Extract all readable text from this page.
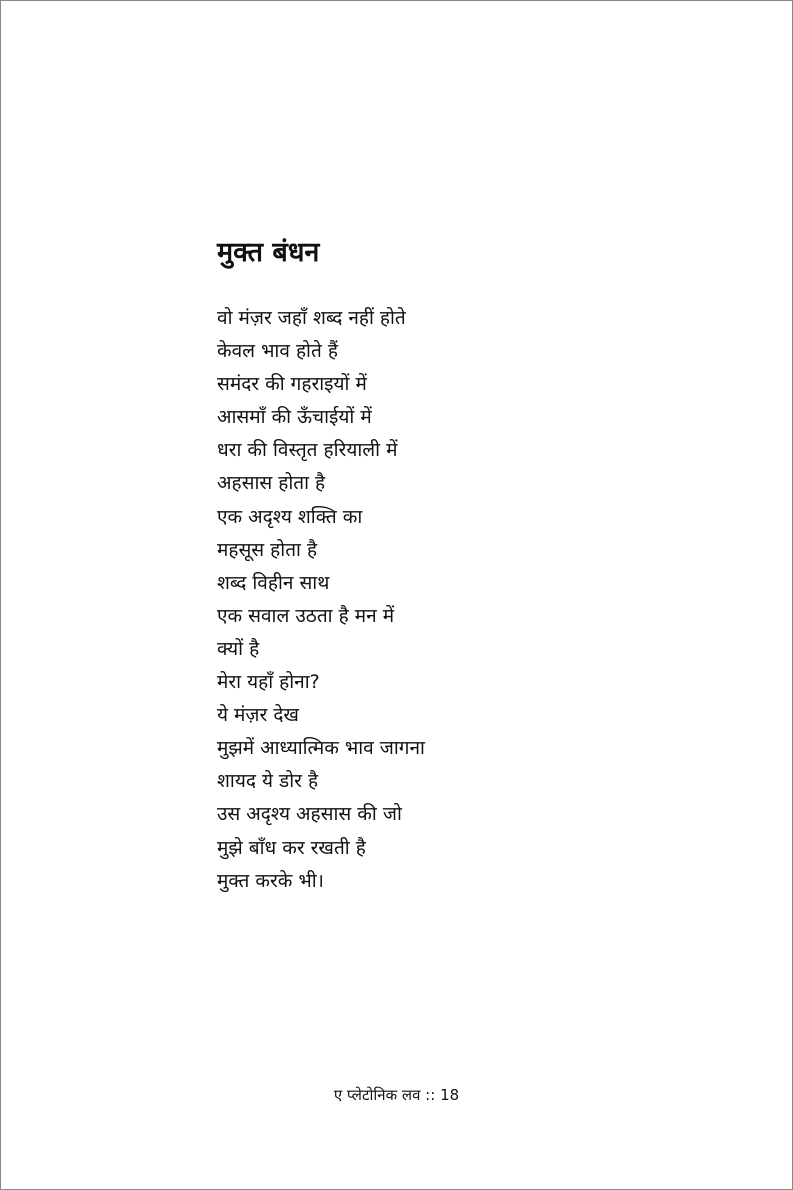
मुक्त बंधन
वो मंज़र जहाँ शब्द नहीं होते
केवल भाव होते हैं
समंदर की गहराइयों में
आसमाँ की ऊँचाईयों में
धरा की विस्तृत हरियाली में
अहसास होता है
एक अदृश्य शक्ति का
महसूस होता है
शब्द विहीन साथ
एक सवाल उठता है मन में
क्यों है
मेरा यहाँ होना?
ये मंज़र देख
मुझमें आध्यात्मिक भाव जागना
शायद ये डोर है
उस अदृश्य अहसास की जो
मुझे बाँध कर रखती है
मुक्त करके भी।
ए प्लेटोनिक लव :: 18
